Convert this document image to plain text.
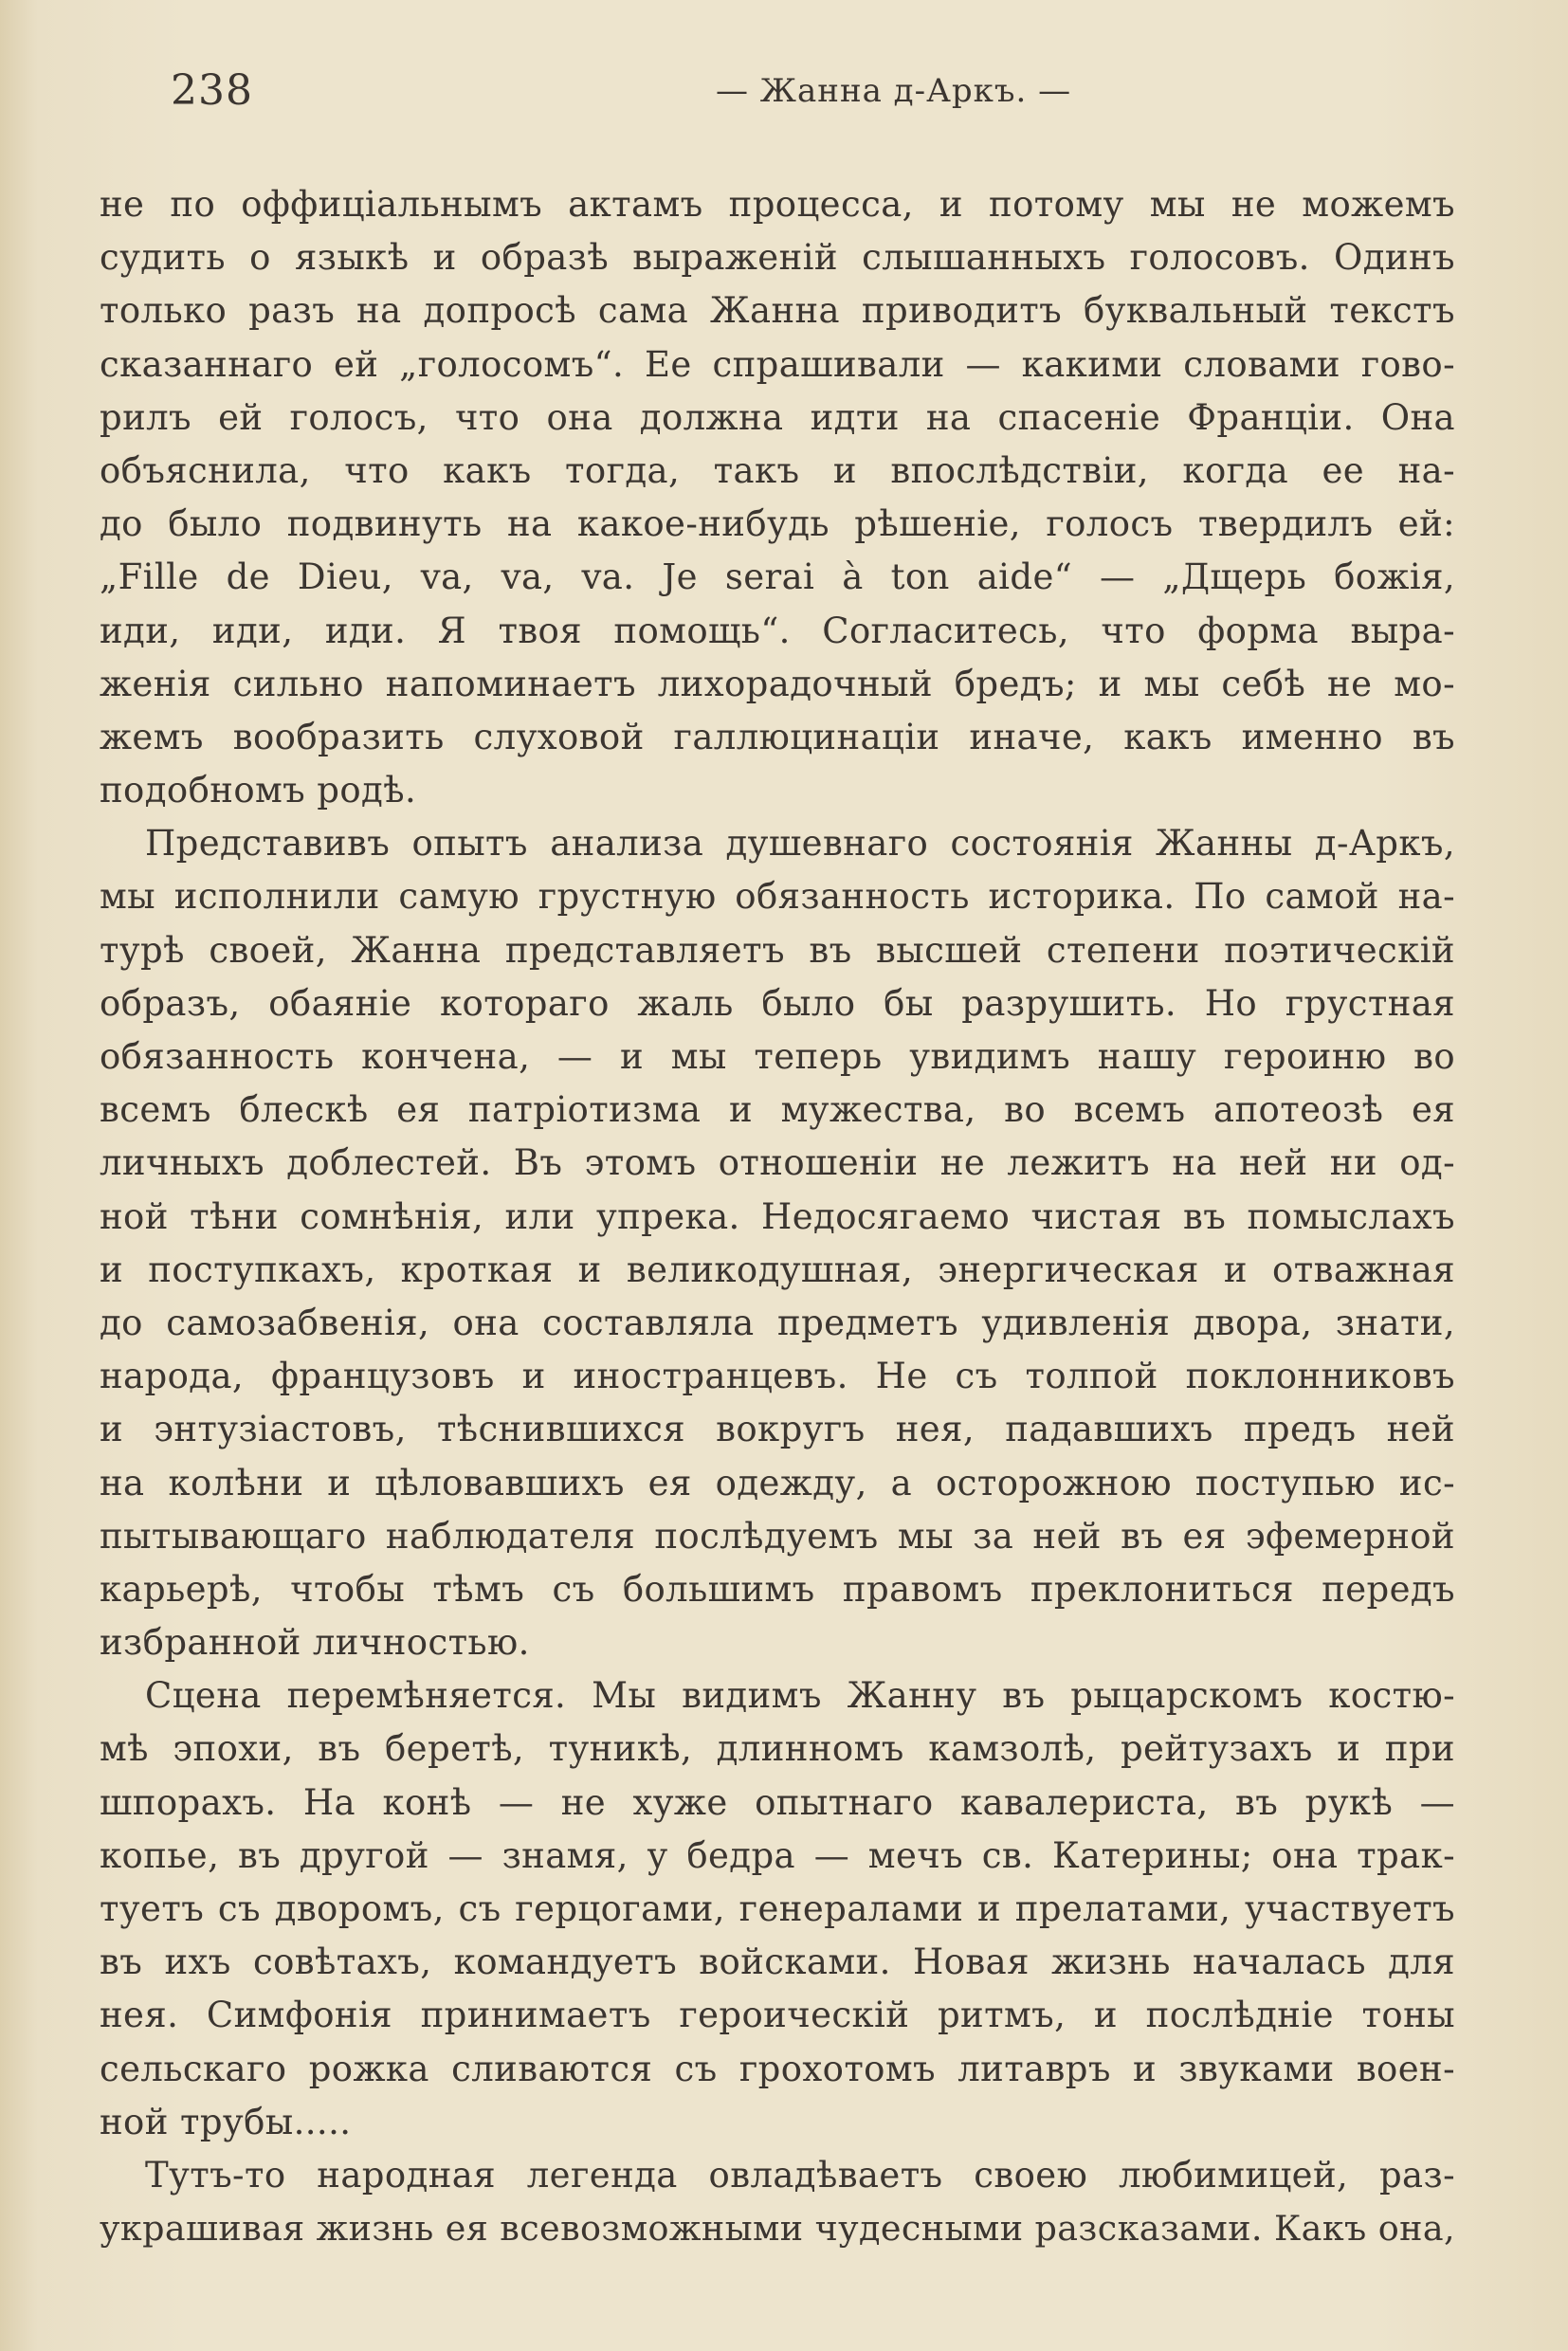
238	— Жанна д-Аркъ. —
не по оффиціальнымъ актамъ процесса, и потому мы не можемъ
судить о языкѣ и образѣ выраженій слышанныхъ голосовъ. Одинъ
только разъ на допросѣ сама Жанна приводитъ буквальный текстъ
сказаннаго ей „голосомъ“. Ее спрашивали — какими словами гово-
рилъ ей голосъ, что она должна идти на спасеніе Франціи. Она
объяснила, что какъ тогда, такъ и впослѣдствіи, когда ее на-
до было подвинуть на какое-нибудь рѣшеніе, голосъ твердилъ ей:
„Fille de Dieu, va, va, va. Je serai à ton aide“ — „Дщерь божія,
иди, иди, иди. Я твоя помощь“. Согласитесь, что форма выра-
женія сильно напоминаетъ лихорадочный бредъ; и мы себѣ не мо-
жемъ вообразить слуховой галлюцинаціи иначе, какъ именно въ
подобномъ родѣ.
Представивъ опытъ анализа душевнаго состоянія Жанны д-Аркъ,
мы исполнили самую грустную обязанность историка. По самой на-
турѣ своей, Жанна представляетъ въ высшей степени поэтическій
образъ, обаяніе котораго жаль было бы разрушить. Но грустная
обязанность кончена, — и мы теперь увидимъ нашу героиню во
всемъ блескѣ ея патріотизма и мужества, во всемъ апотеозѣ ея
личныхъ доблестей. Въ этомъ отношеніи не лежитъ на ней ни од-
ной тѣни сомнѣнія, или упрека. Недосягаемо чистая въ помыслахъ
и поступкахъ, кроткая и великодушная, энергическая и отважная
до самозабвенія, она составляла предметъ удивленія двора, знати,
народа, французовъ и иностранцевъ. Не съ толпой поклонниковъ
и энтузіастовъ, тѣснившихся вокругъ нея, падавшихъ предъ ней
на колѣни и цѣловавшихъ ея одежду, а осторожною поступью ис-
пытывающаго наблюдателя послѣдуемъ мы за ней въ ея эфемерной
карьерѣ, чтобы тѣмъ съ большимъ правомъ преклониться передъ
избранной личностью.
Сцена перемѣняется. Мы видимъ Жанну въ рыцарскомъ костю-
мѣ эпохи, въ беретѣ, туникѣ, длинномъ камзолѣ, рейтузахъ и при
шпорахъ. На конѣ — не хуже опытнаго кавалериста, въ рукѣ —
копье, въ другой — знамя, у бедра — мечъ св. Катерины; она трак-
туетъ съ дворомъ, съ герцогами, генералами и прелатами, участвуетъ
въ ихъ совѣтахъ, командуетъ войсками. Новая жизнь началась для
нея. Симфонія принимаетъ героическій ритмъ, и послѣдніе тоны
сельскаго рожка сливаются съ грохотомъ литавръ и звуками воен-
ной трубы.....
Тутъ-то народная легенда овладѣваетъ своею любимицей, раз-
украшивая жизнь ея всевозможными чудесными разсказами. Какъ она,
